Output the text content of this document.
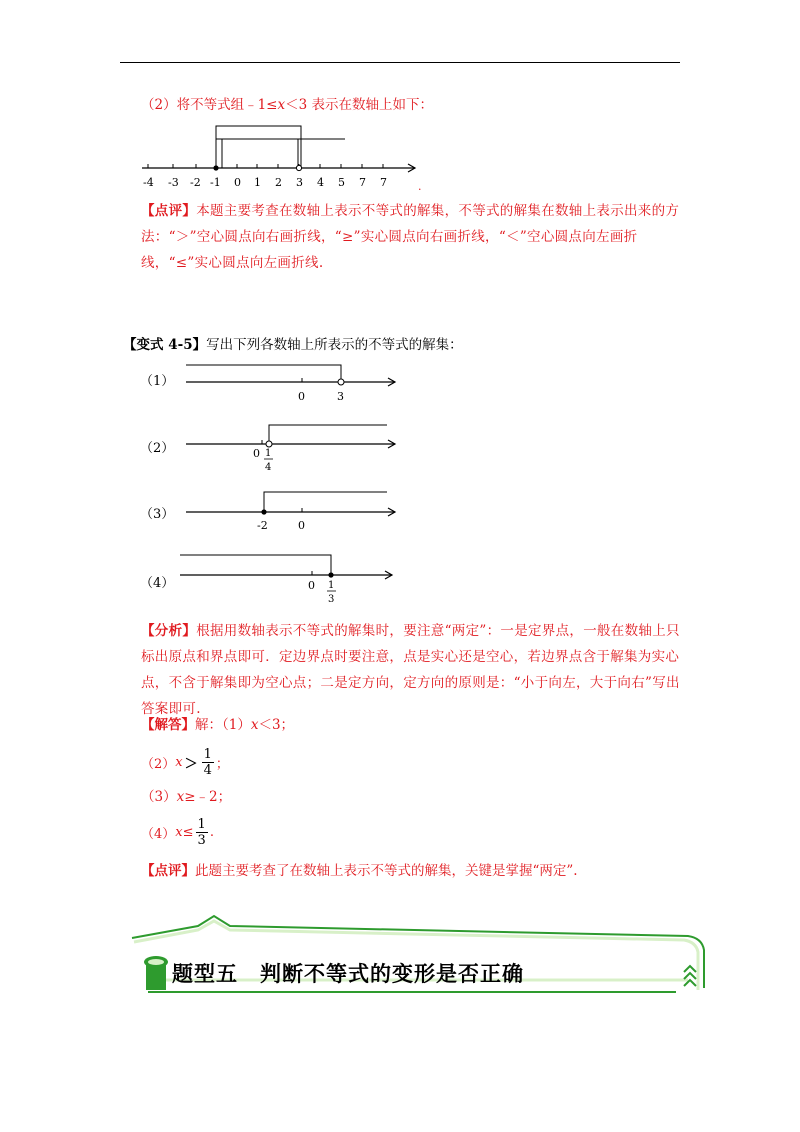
（2）将不等式组﹣1≤x＜3 表示在数轴上如下：
-4 -3 -2 -1 0 1 2 3 4 5 7 7	.
【点评】本题主要考查在数轴上表示不等式的解集，不等式的解集在数轴上表示出来的方法：“＞”空心圆点向右画折线，“≥”实心圆点向右画折线，“＜”空心圆点向左画折线，“≤”实心圆点向左画折线.
【变式 4-5】写出下列各数轴上所表示的不等式的解集：
（1）
0	3
（2）	0 1
4
（3）
-2	0
（4）	0 1
3
【分析】根据用数轴表示不等式的解集时，要注意“两定”：一是定界点，一般在数轴上只标出原点和界点即可．定边界点时要注意，点是实心还是空心，若边界点含于解集为实心点，不含于解集即为空心点；二是定方向，定方向的原则是：“小于向左，大于向右”写出答案即可.
【解答】解：（1）x＜3；
（2） $x > \frac{1}{4}$ ；
（3）x≥﹣2；
（4） $x \le \frac{1}{3}$ .
【点评】此题主要考查了在数轴上表示不等式的解集，关键是掌握“两定”.
题型五　判断不等式的变形是否正确
